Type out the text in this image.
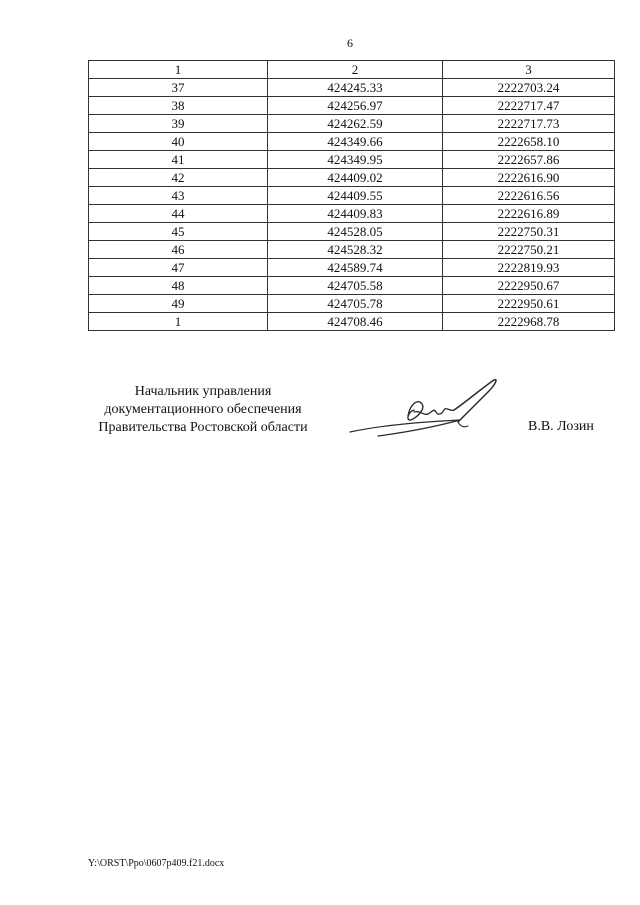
6
1	2	3
37	424245.33	2222703.24
38	424256.97	2222717.47
39	424262.59	2222717.73
40	424349.66	2222658.10
41	424349.95	2222657.86
42	424409.02	2222616.90
43	424409.55	2222616.56
44	424409.83	2222616.89
45	424528.05	2222750.31
46	424528.32	2222750.21
47	424589.74	2222819.93
48	424705.58	2222950.67
49	424705.78	2222950.61
1	424708.46	2222968.78
Начальник управления
документационного обеспечения
Правительства Ростовской области	В.В. Лозин
Y:\ORST\Ppo\0607p409.f21.docx
